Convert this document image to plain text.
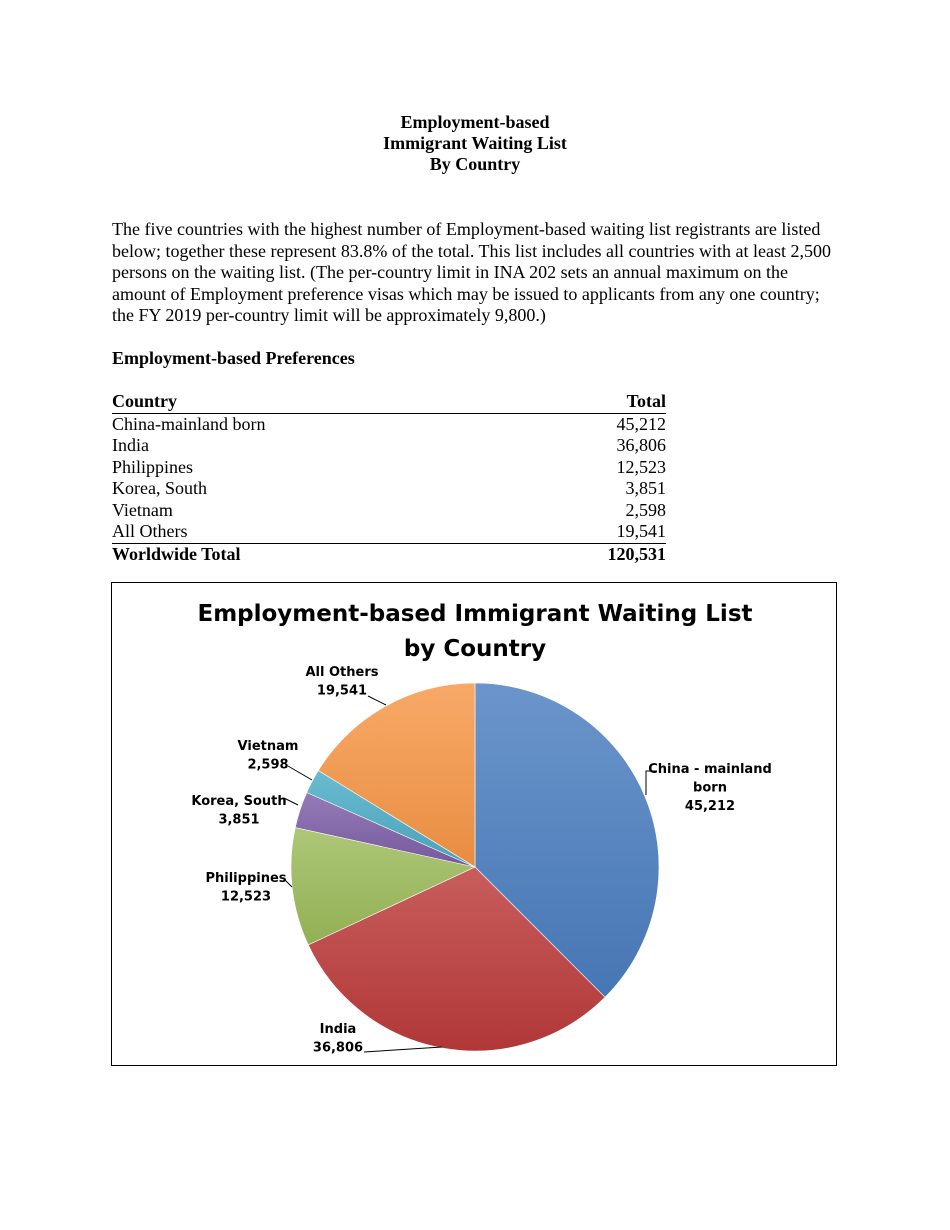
Employment-based
Immigrant Waiting List
By Country

The five countries with the highest number of Employment-based waiting list registrants are listed below; together these represent 83.8% of the total. This list includes all countries with at least 2,500 persons on the waiting list. (The per-country limit in INA 202 sets an annual maximum on the amount of Employment preference visas which may be issued to applicants from any one country; the FY 2019 per-country limit will be approximately 9,800.)

Employment-based Preferences
Country	Total
China-mainland born	45,212
India	36,806
Philippines	12,523
Korea, South	3,851
Vietnam	2,598
All Others	19,541
Worldwide Total	120,531
Employment-based Immigrant Waiting List
by Country
China - mainland
born
45,212
India
36,806
Philippines
12,523
Korea, South
3,851
Vietnam
2,598
All Others
19,541
